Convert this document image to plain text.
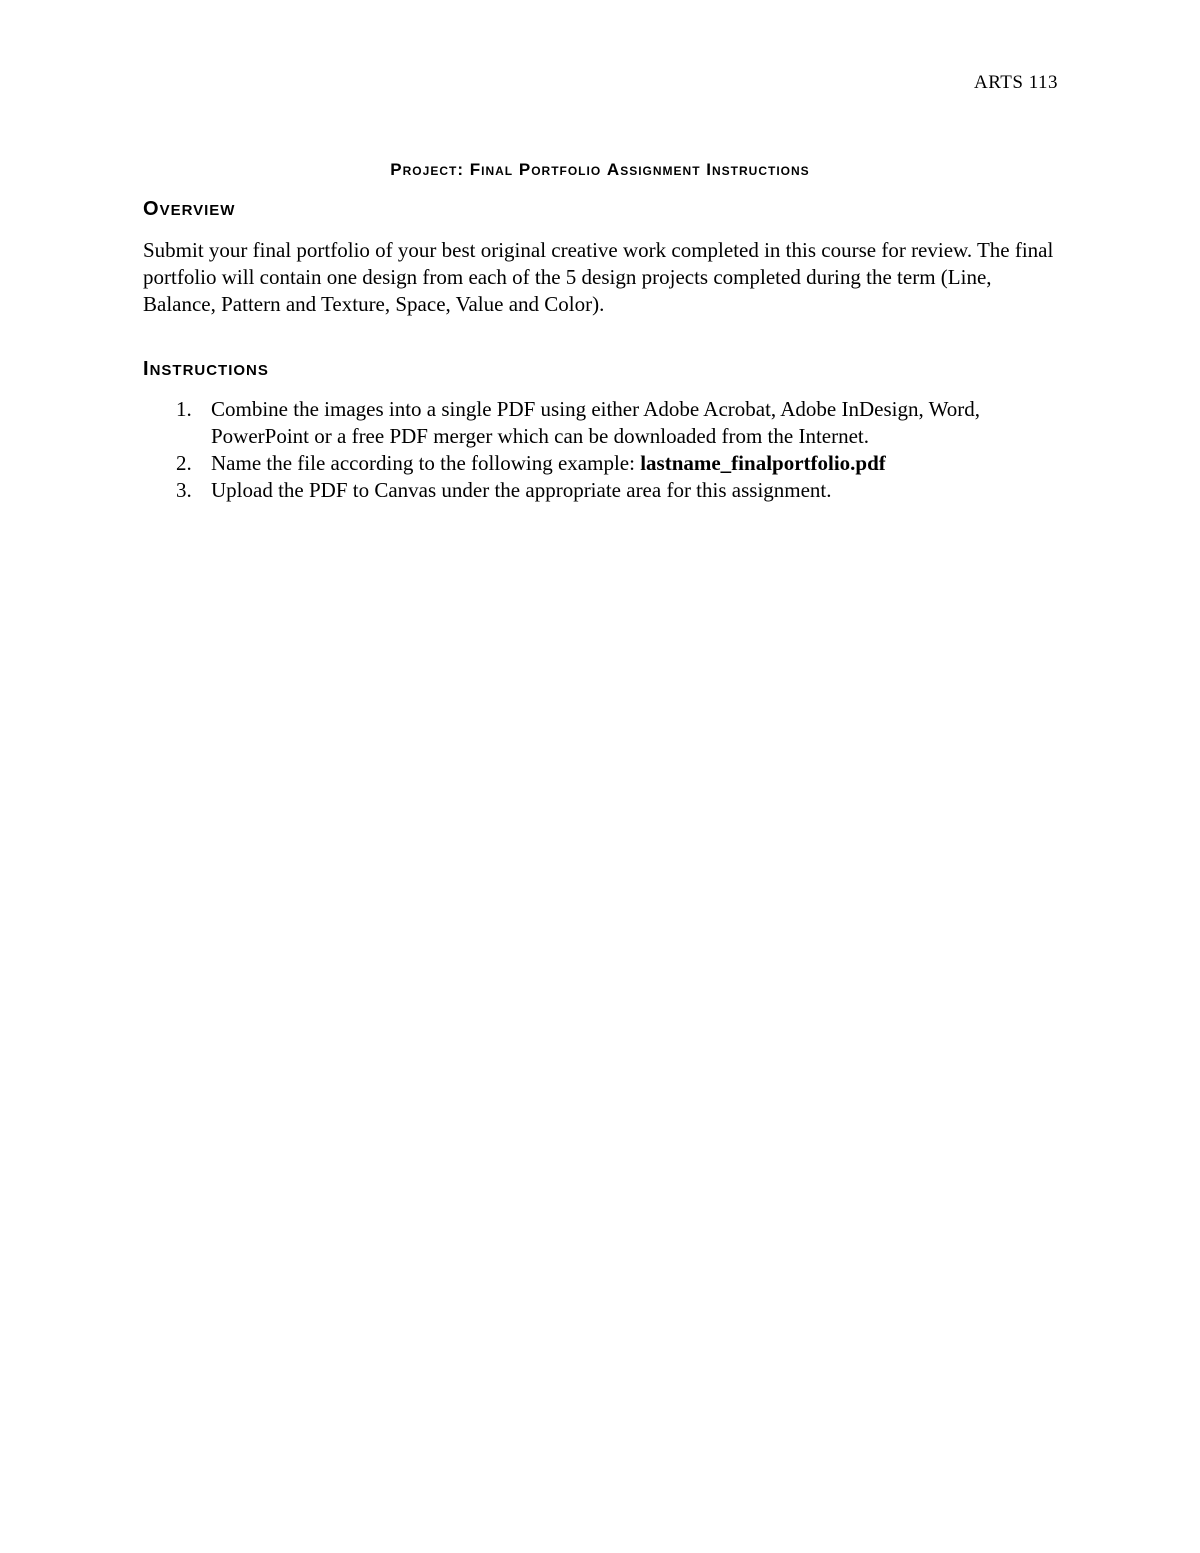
ARTS 113
project: final portfolio assignment instructions
OVERVIEW
Submit your final portfolio of your best original creative work completed in this course for review. The final portfolio will contain one design from each of the 5 design projects completed during the term (Line, Balance, Pattern and Texture, Space, Value and Color).
INSTRUCTIONS
1. Combine the images into a single PDF using either Adobe Acrobat, Adobe InDesign, Word, PowerPoint or a free PDF merger which can be downloaded from the Internet.
2. Name the file according to the following example: lastname_finalportfolio.pdf
3. Upload the PDF to Canvas under the appropriate area for this assignment.
